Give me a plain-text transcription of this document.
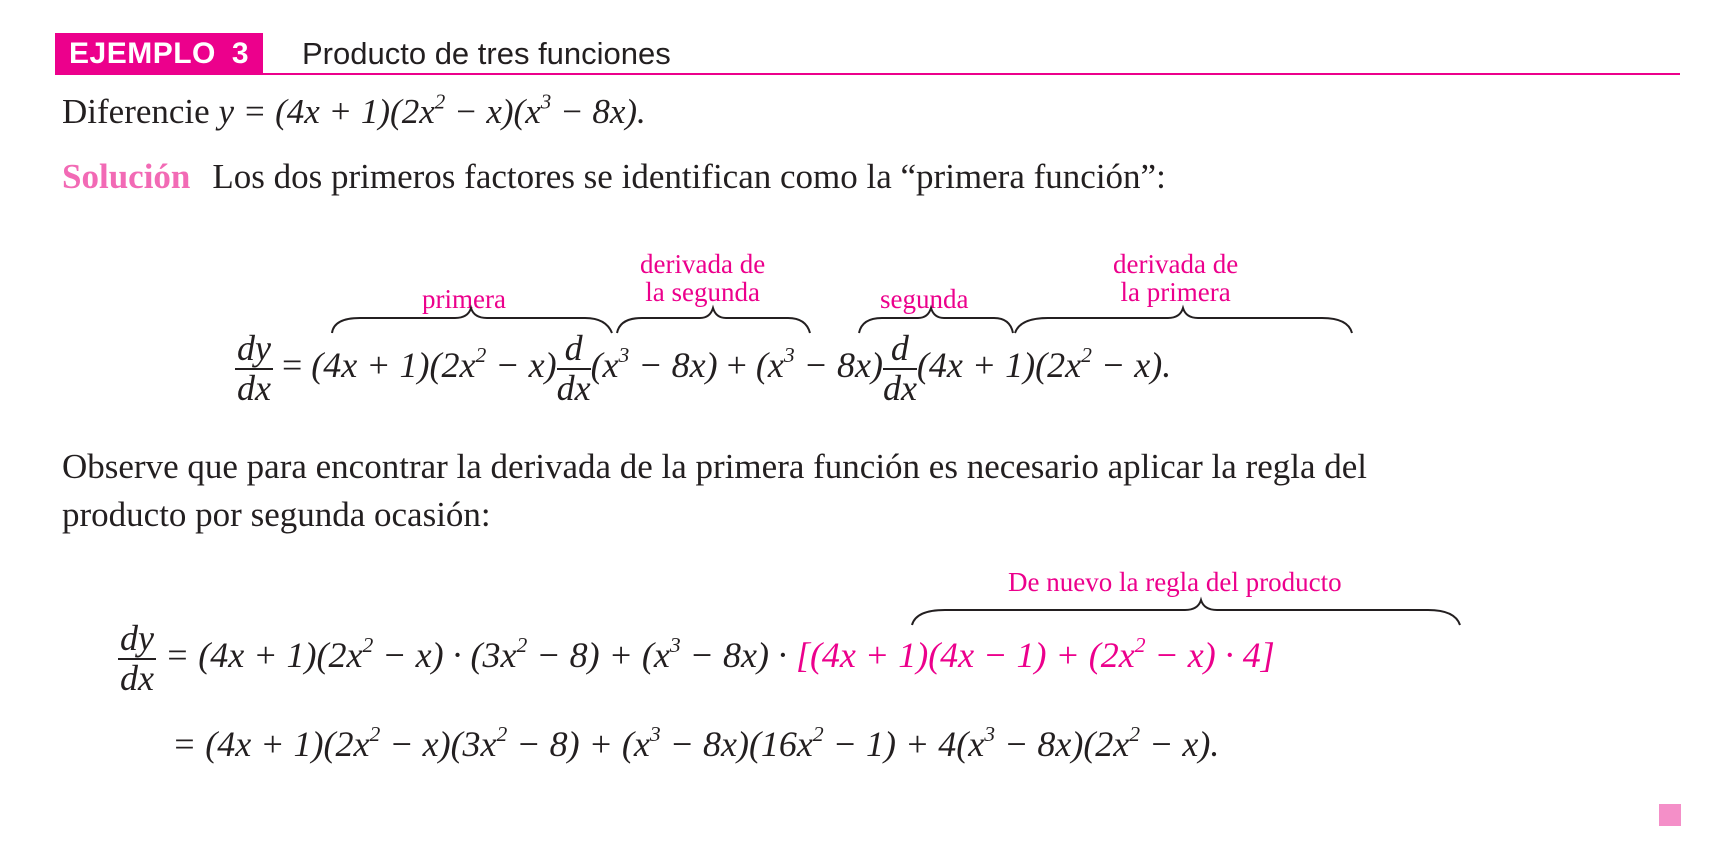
EJEMPLO 3	Producto de tres funciones
Diferencie $y = (4x + 1)(2x^2 - x)(x^3 - 8x)$.
Solución Los dos primeros factores se identifican como la “primera función”:
primera
derivada de
la segunda	segunda
derivada de
la primera
$\frac{dy}{dx} = (4x + 1)(2x^2 - x) \frac{d}{dx} (x^3 - 8x) + (x^3 - 8x) \frac{d}{dx} (4x + 1)(2x^2 - x)$.
Observe que para encontrar la derivada de la primera función es necesario aplicar la regla del
producto por segunda ocasión:
De nuevo la regla del producto
$\frac{dy}{dx} = (4x + 1)(2x^2 - x) \cdot (3x^2 - 8) + (x^3 - 8x) \cdot [(4x + 1)(4x - 1) + (2x^2 - x) \cdot 4]$
= $(4x + 1)(2x^2 - x)(3x^2 - 8) + (x^3 - 8x)(16x^2 - 1) + 4(x^3 - 8x)(2x^2 - x)$.
